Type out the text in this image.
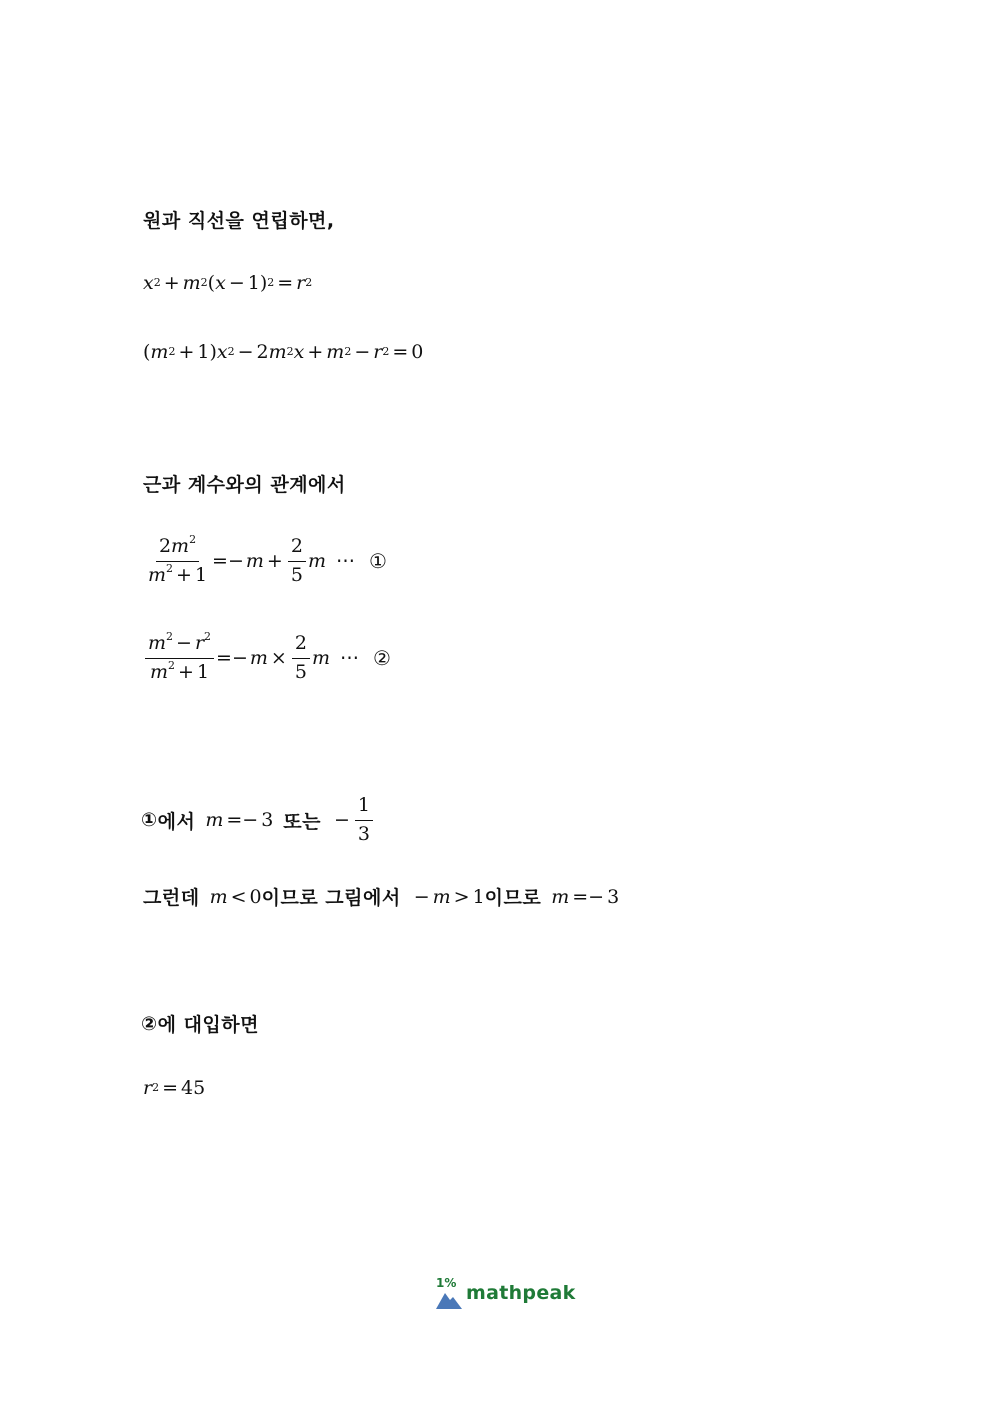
원과 직선을 연립하면,
x 2 + m 2 ( x − 1) 2 = r 2
( m 2 + 1) x 2 − 2 m 2 x + m 2 − r 2 = 0
근과 계수와의 관계에서
$\frac{2m^2}{m^2 + 1} =- m + \frac{2}{5}$ m ⋯ ①
$\frac{m^2 - r^2}{m^2 + 1} =- m \times \frac{2}{5}$ m ⋯ ②
① 에서 m =− 3 또는 − $\frac{1}{3}$
그런데 m < 0 이므로 그림에서 − m > 1 이므로 m =− 3
② 에 대입하면
r 2 = 45
1% mathpeak
